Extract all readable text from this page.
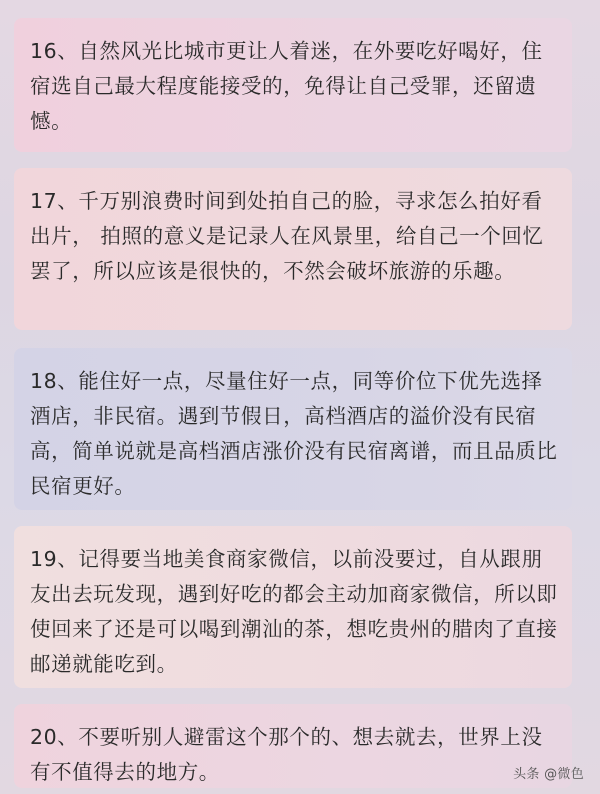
16、自然风光比城市更让人着迷，在外要吃好喝好，住宿选自己最大程度能接受的，免得让自己受罪，还留遗憾。

17、千万别浪费时间到处拍自己的脸，寻求怎么拍好看出片， 拍照的意义是记录人在风景里，给自己一个回忆罢了，所以应该是很快的，不然会破坏旅游的乐趣。

18、能住好一点，尽量住好一点，同等价位下优先选择酒店，非民宿。遇到节假日，高档酒店的溢价没有民宿高，简单说就是高档酒店涨价没有民宿离谱，而且品质比民宿更好。

19、记得要当地美食商家微信，以前没要过，自从跟朋友出去玩发现，遇到好吃的都会主动加商家微信，所以即使回来了还是可以喝到潮汕的茶，想吃贵州的腊肉了直接邮递就能吃到。

20、不要听别人避雷这个那个的、想去就去，世界上没有不值得去的地方。	头条 @微色
